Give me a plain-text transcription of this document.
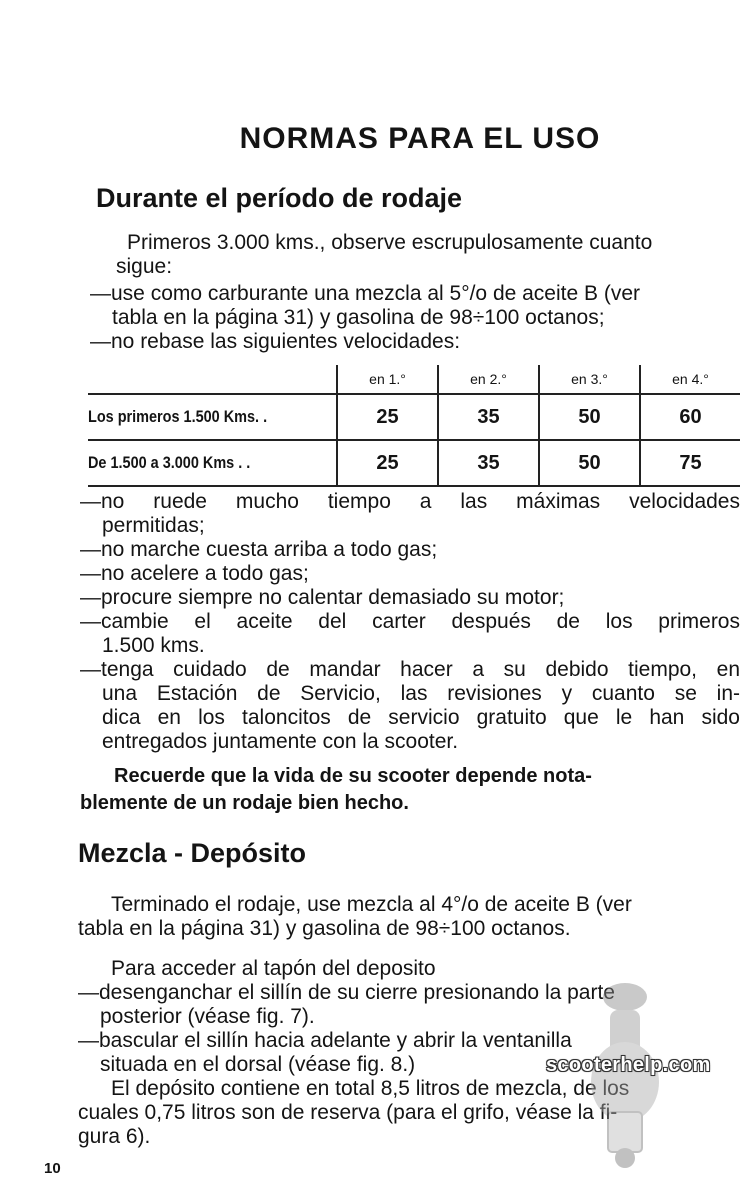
NORMAS PARA EL USO
Durante el período de rodaje
Primeros 3.000 kms., observe escrupulosamente cuanto
sigue:
—use como carburante una mezcla al 5°/o de aceite B (ver
tabla en la página 31) y gasolina de 98÷100 octanos;
—no rebase las siguientes velocidades:
	en 1.°	en 2.°	en 3.°	en 4.°
Los primeros 1.500 Kms. .	25	35	50	60
De 1.500 a 3.000 Kms . .	25	35	50	75
—no ruede mucho tiempo a las máximas velocidades
permitidas;
—no marche cuesta arriba a todo gas;
—no acelere a todo gas;
—procure siempre no calentar demasiado su motor;
—cambie el aceite del carter después de los primeros
1.500 kms.
—tenga cuidado de mandar hacer a su debido tiempo, en
una Estación de Servicio, las revisiones y cuanto se in-
dica en los taloncitos de servicio gratuito que le han sido
entregados juntamente con la scooter.
Recuerde que la vida de su scooter depende nota-
blemente de un rodaje bien hecho.
Mezcla - Depósito
Terminado el rodaje, use mezcla al 4°/o de aceite B (ver
tabla en la página 31) y gasolina de 98÷100 octanos.
Para acceder al tapón del deposito
—desenganchar el sillín de su cierre presionando la parte
posterior (véase fig. 7).
—bascular el sillín hacia adelante y abrir la ventanilla
situada en el dorsal (véase fig. 8.)
El depósito contiene en total 8,5 litros de mezcla, de los
cuales 0,75 litros son de reserva (para el grifo, véase la fi-
gura 6).
scooterhelp.com
10
